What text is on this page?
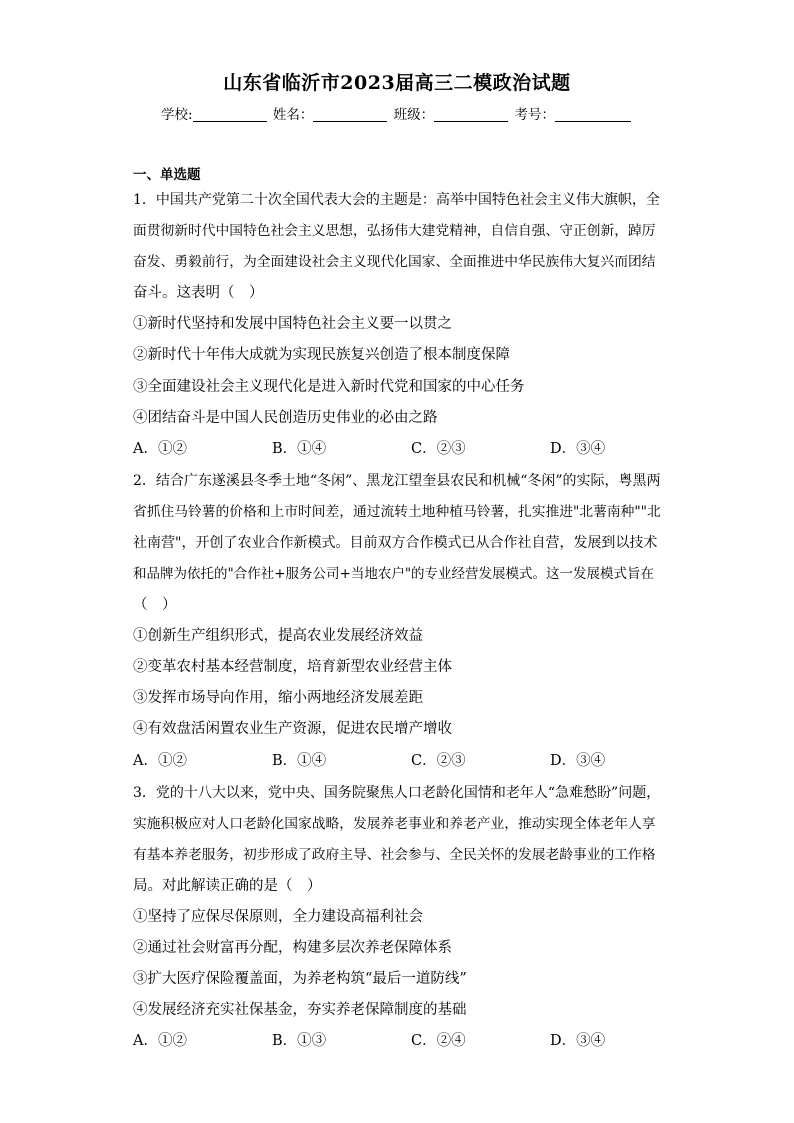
山东省临沂市2023届高三二模政治试题
学校:	姓名：	班级：	考号：
一、单选题
1．中国共产党第二十次全国代表大会的主题是：高举中国特色社会主义伟大旗帜，全
面贯彻新时代中国特色社会主义思想，弘扬伟大建党精神，自信自强、守正创新，踔厉
奋发、勇毅前行，为全面建设社会主义现代化国家、全面推进中华民族伟大复兴而团结
奋斗。这表明（　）
①新时代坚持和发展中国特色社会主义要一以贯之
②新时代十年伟大成就为实现民族复兴创造了根本制度保障
③全面建设社会主义现代化是进入新时代党和国家的中心任务
④团结奋斗是中国人民创造历史伟业的必由之路
A．①②	B．①④	C．②③	D．③④
2．结合广东遂溪县冬季土地“冬闲”、黑龙江望奎县农民和机械“冬闲”的实际，粤黑两
省抓住马铃薯的价格和上市时间差，通过流转土地种植马铃薯，扎实推进"北薯南种""北
社南营"，开创了农业合作新模式。目前双方合作模式已从合作社自营，发展到以技术
和品牌为依托的"合作社+服务公司+当地农户"的专业经营发展模式。这一发展模式旨在
（　）
①创新生产组织形式，提高农业发展经济效益
②变革农村基本经营制度，培育新型农业经营主体
③发挥市场导向作用，缩小两地经济发展差距
④有效盘活闲置农业生产资源，促进农民增产增收
A．①②	B．①④	C．②③	D．③④
3．党的十八大以来，党中央、国务院聚焦人口老龄化国情和老年人“急难愁盼”问题，
实施积极应对人口老龄化国家战略，发展养老事业和养老产业，推动实现全体老年人享
有基本养老服务，初步形成了政府主导、社会参与、全民关怀的发展老龄事业的工作格
局。对此解读正确的是（　）
①坚持了应保尽保原则，全力建设高福利社会
②通过社会财富再分配，构建多层次养老保障体系
③扩大医疗保险覆盖面，为养老构筑“最后一道防线”
④发展经济充实社保基金，夯实养老保障制度的基础
A．①②	B．①③	C．②④	D．③④
